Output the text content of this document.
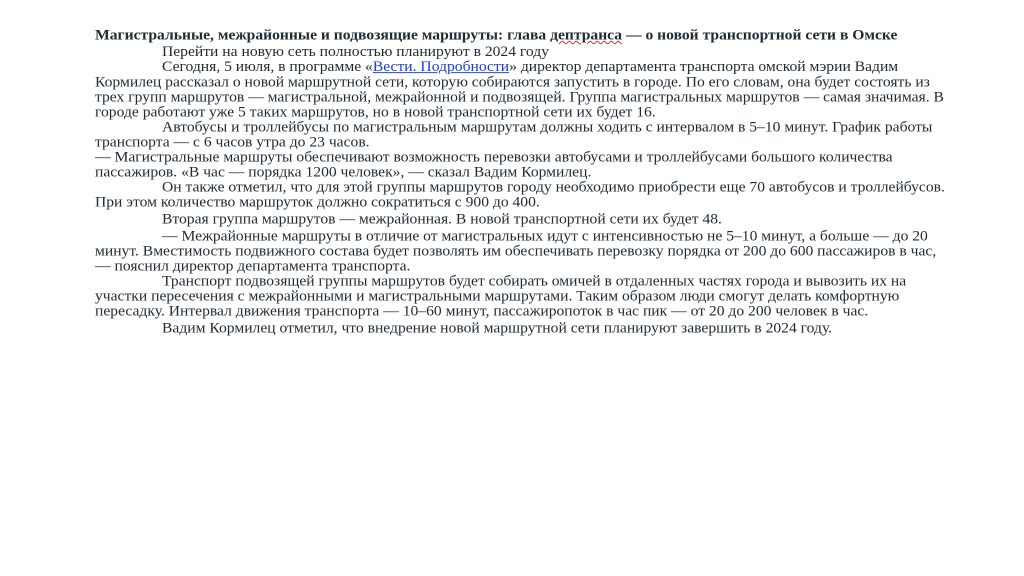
Магистральные, межрайонные и подвозящие маршруты: глава дептранса — о новой транспортной сети в Омске

Перейти на новую сеть полностью планируют в 2024 году

Сегодня, 5 июля, в программе «Вести. Подробности» директор департамента транспорта омской мэрии Вадим Кормилец рассказал о новой маршрутной сети, которую собираются запустить в городе. По его словам, она будет состоять из трех групп маршрутов — магистральной, межрайонной и подвозящей. Группа магистральных маршрутов — самая значимая. В городе работают уже 5 таких маршрутов, но в новой транспортной сети их будет 16.

Автобусы и троллейбусы по магистральным маршрутам должны ходить с интервалом в 5–10 минут. График работы транспорта — с 6 часов утра до 23 часов.

— Магистральные маршруты обеспечивают возможность перевозки автобусами и троллейбусами большого количества пассажиров. «В час — порядка 1200 человек», — сказал Вадим Кормилец.

Он также отметил, что для этой группы маршрутов городу необходимо приобрести еще 70 автобусов и троллейбусов. При этом количество маршруток должно сократиться с 900 до 400.

Вторая группа маршрутов — межрайонная. В новой транспортной сети их будет 48.

— Межрайонные маршруты в отличие от магистральных идут с интенсивностью не 5–10 минут, а больше — до 20 минут. Вместимость подвижного состава будет позволять им обеспечивать перевозку порядка от 200 до 600 пассажиров в час, — пояснил директор департамента транспорта.

Транспорт подвозящей группы маршрутов будет собирать омичей в отдаленных частях города и вывозить их на участки пересечения с межрайонными и магистральными маршрутами. Таким образом люди смогут делать комфортную пересадку. Интервал движения транспорта — 10–60 минут, пассажиропоток в час пик — от 20 до 200 человек в час.

Вадим Кормилец отметил, что внедрение новой маршрутной сети планируют завершить в 2024 году.
